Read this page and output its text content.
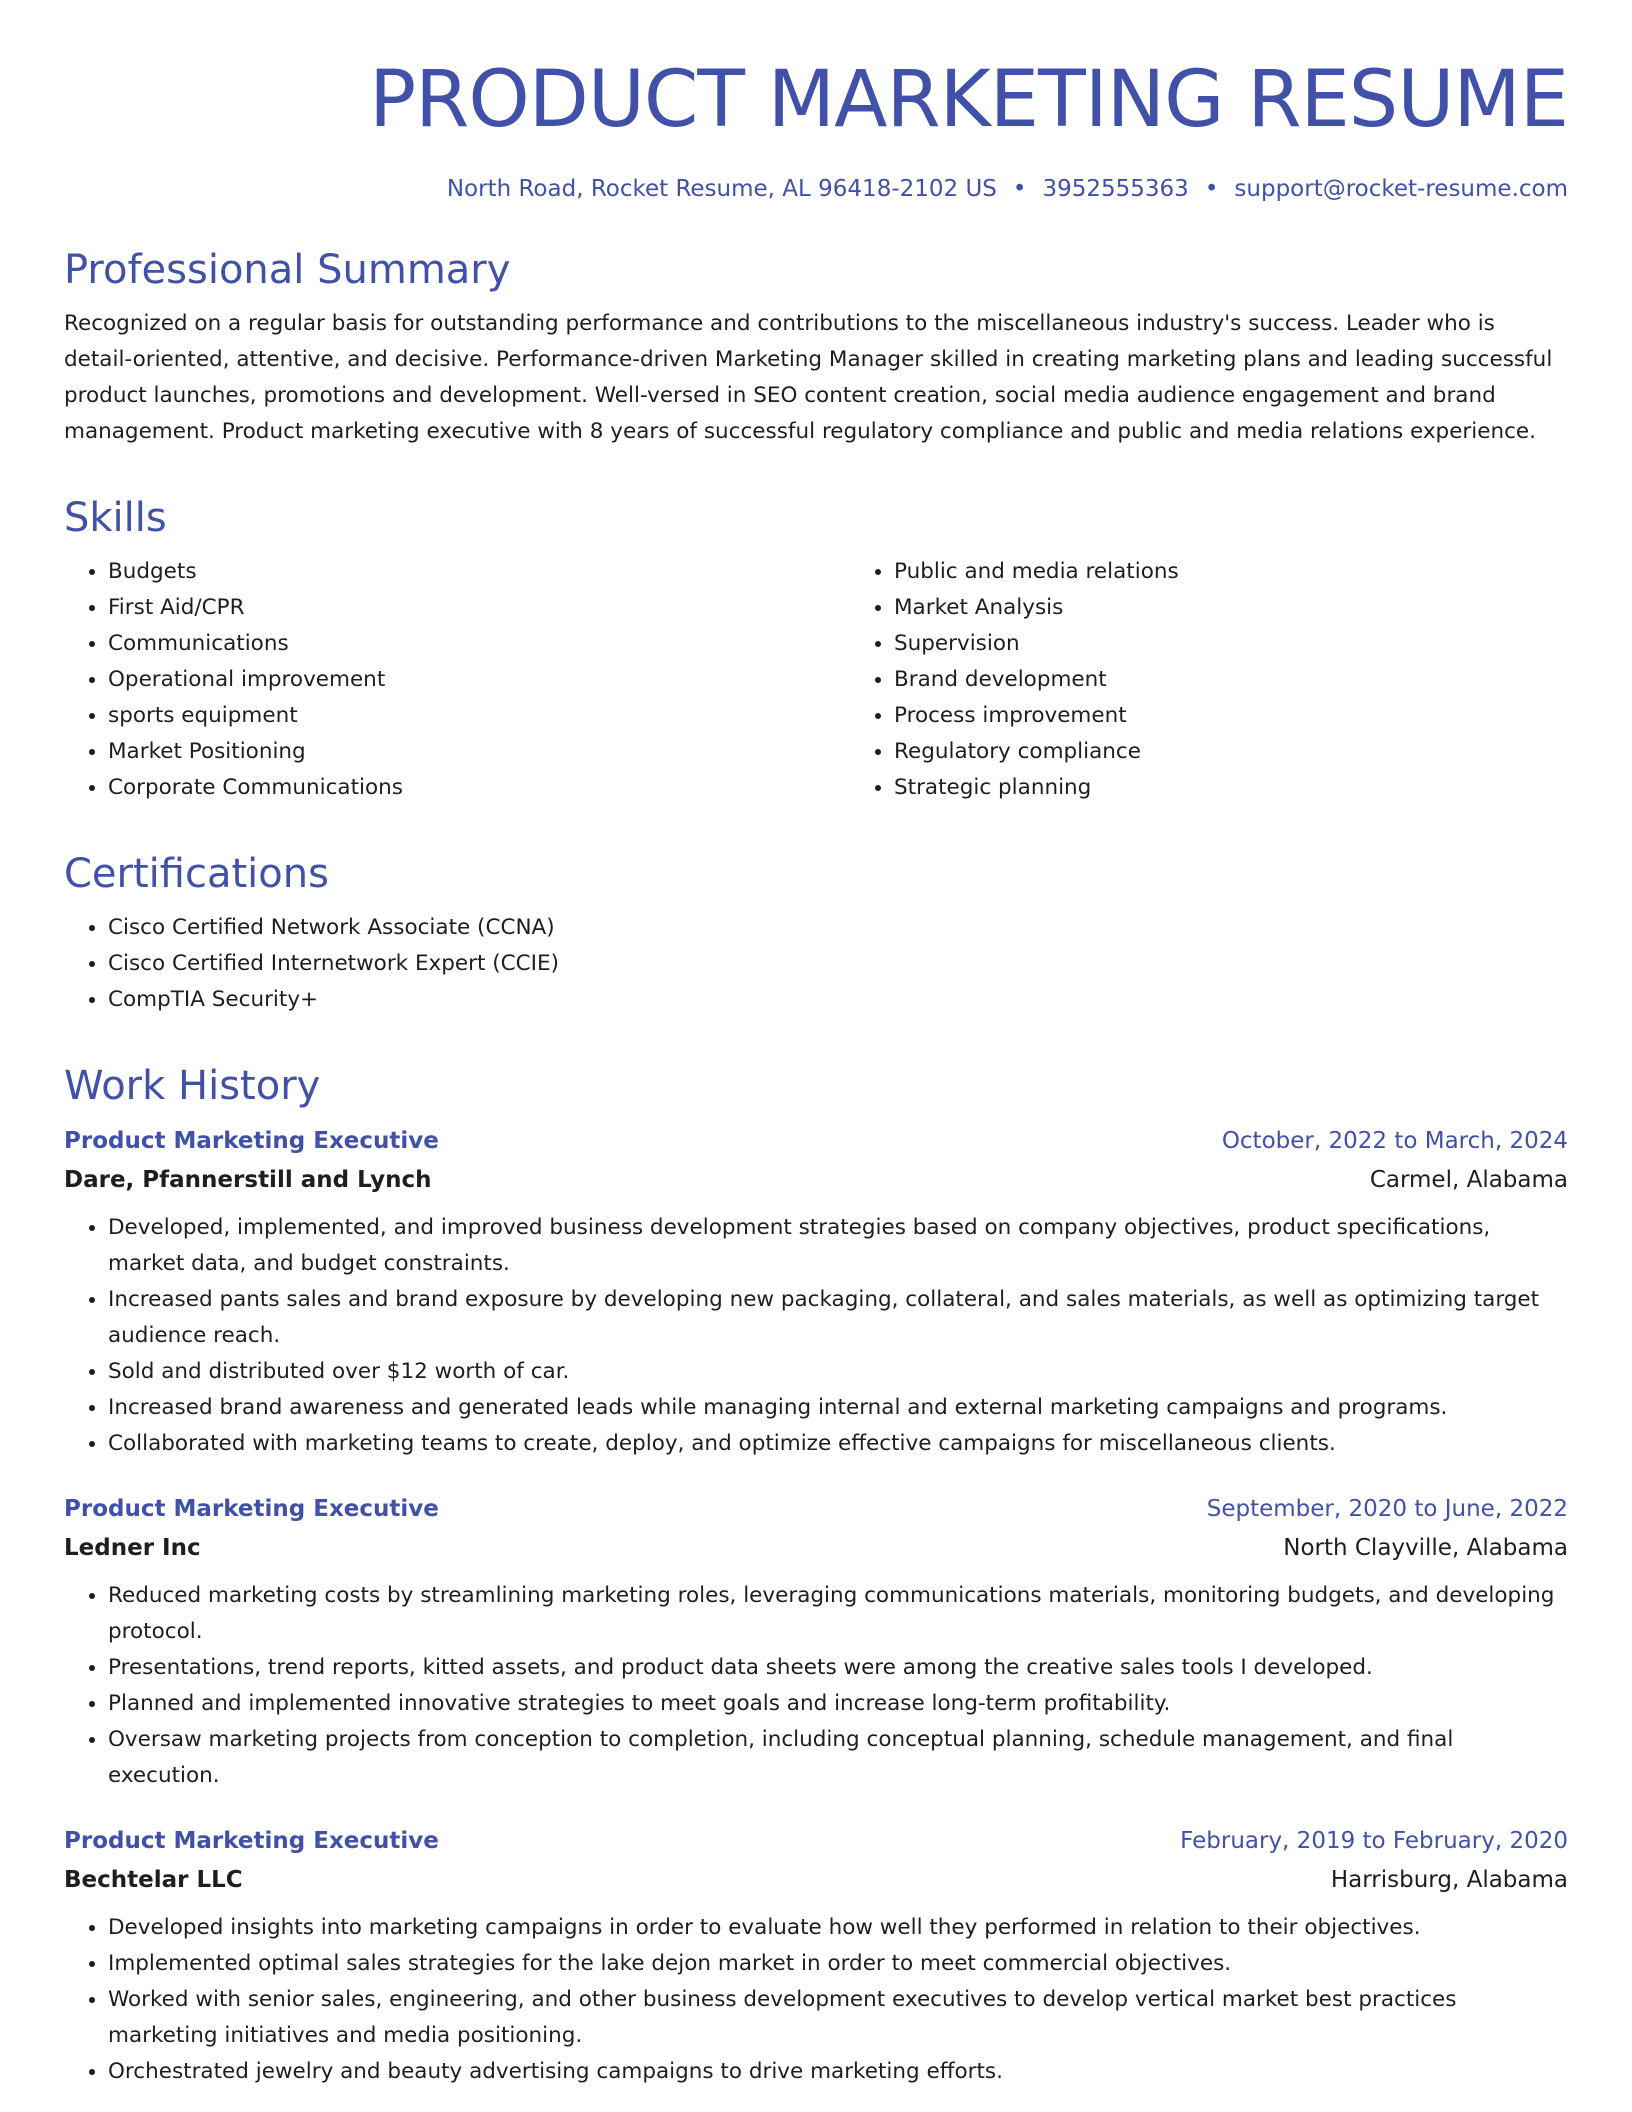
PRODUCT MARKETING RESUME
North Road, Rocket Resume, AL 96418-2102 US • 3952555363 • support@rocket-resume.com
Professional Summary

Recognized on a regular basis for outstanding performance and contributions to the miscellaneous industry's success. Leader who is detail-oriented, attentive, and decisive. Performance-driven Marketing Manager skilled in creating marketing plans and leading successful product launches, promotions and development. Well-versed in SEO content creation, social media audience engagement and brand management. Product marketing executive with 8 years of successful regulatory compliance and public and media relations experience.

Skills
• Budgets
• First Aid/CPR
• Communications
• Operational improvement
• sports equipment
• Market Positioning
• Corporate Communications
• Public and media relations
• Market Analysis
• Supervision
• Brand development
• Process improvement
• Regulatory compliance
• Strategic planning
Certifications
• Cisco Certified Network Associate (CCNA)
• Cisco Certified Internetwork Expert (CCIE)
• CompTIA Security+
Work History
Product Marketing Executive	October, 2022 to March, 2024
Dare, Pfannerstill and Lynch	Carmel, Alabama
• Developed, implemented, and improved business development strategies based on company objectives, product specifications, market data, and budget constraints.
• Increased pants sales and brand exposure by developing new packaging, collateral, and sales materials, as well as optimizing target audience reach.
• Sold and distributed over $12 worth of car.
• Increased brand awareness and generated leads while managing internal and external marketing campaigns and programs.
• Collaborated with marketing teams to create, deploy, and optimize effective campaigns for miscellaneous clients.
Product Marketing Executive	September, 2020 to June, 2022
Ledner Inc	North Clayville, Alabama
• Reduced marketing costs by streamlining marketing roles, leveraging communications materials, monitoring budgets, and developing protocol.
• Presentations, trend reports, kitted assets, and product data sheets were among the creative sales tools I developed.
• Planned and implemented innovative strategies to meet goals and increase long-term profitability.
• Oversaw marketing projects from conception to completion, including conceptual planning, schedule management, and final execution.
Product Marketing Executive	February, 2019 to February, 2020
Bechtelar LLC	Harrisburg, Alabama
• Developed insights into marketing campaigns in order to evaluate how well they performed in relation to their objectives.
• Implemented optimal sales strategies for the lake dejon market in order to meet commercial objectives.
• Worked with senior sales, engineering, and other business development executives to develop vertical market best practices marketing initiatives and media positioning.
• Orchestrated jewelry and beauty advertising campaigns to drive marketing efforts.
